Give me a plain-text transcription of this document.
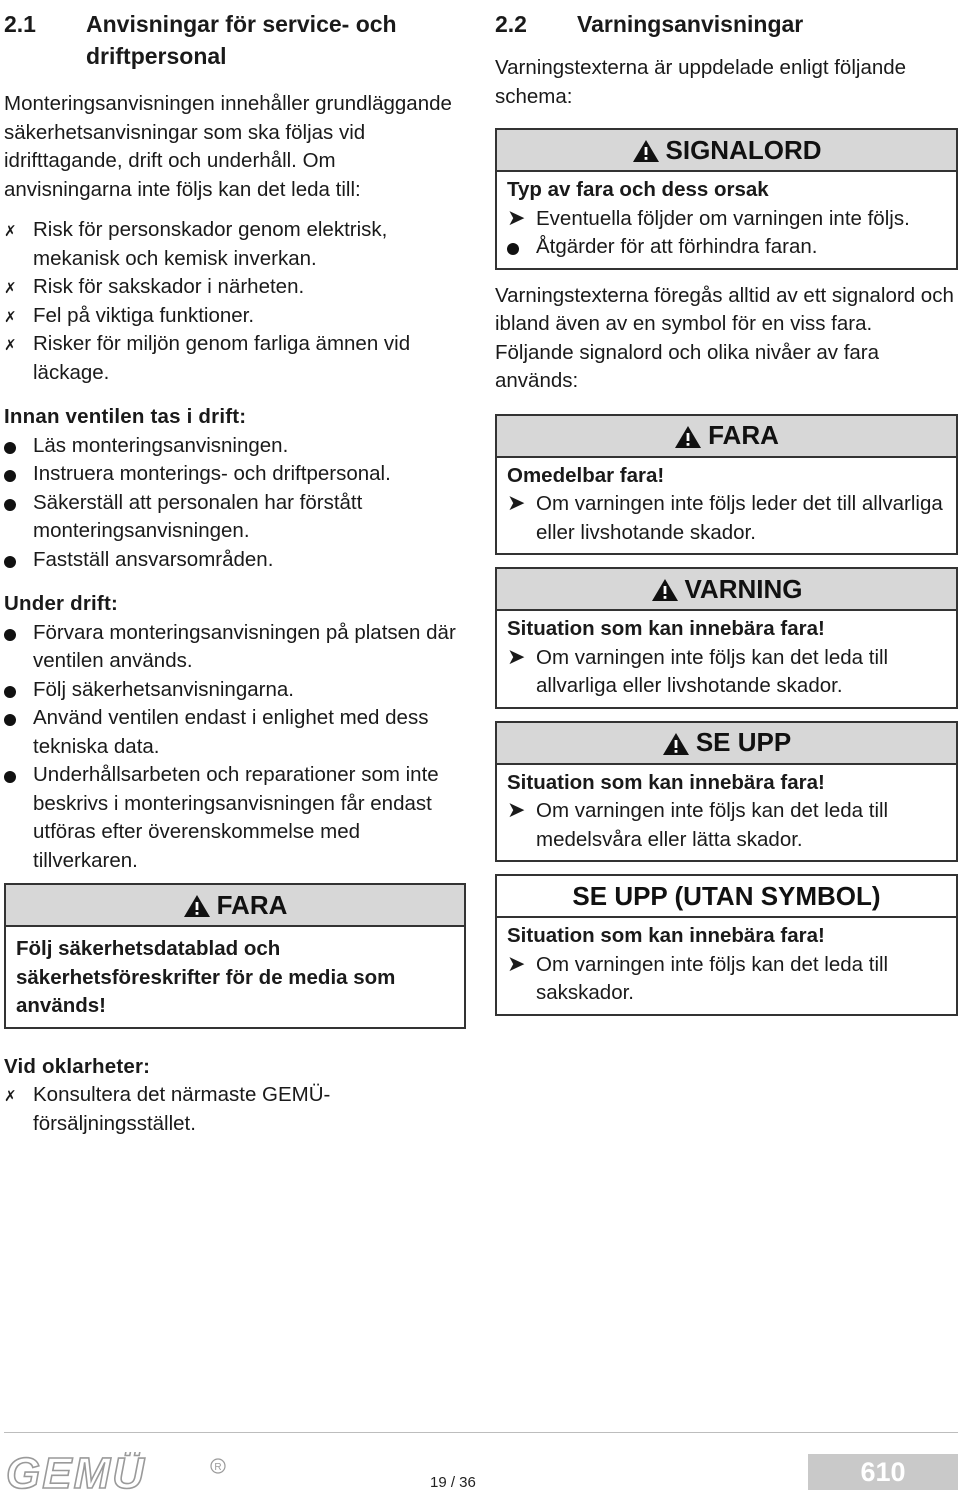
2.1	Anvisningar för service- och driftpersonal

Monteringsanvisningen innehåller grundläggande säkerhetsanvisningar som ska följas vid idrifttagande, drift och underhåll. Om anvisningarna inte följs kan det leda till:

✗
Risk för personskador genom elektrisk, mekanisk och kemisk inverkan.
✗
Risk för sakskador i närheten.
✗
Fel på viktiga funktioner.
✗
Risker för miljön genom farliga ämnen vid läckage.
Innan ventilen tas i drift:
Läs monteringsanvisningen.
Instruera monterings- och driftpersonal.
Säkerställ att personalen har förstått monteringsanvisningen.
Fastställ ansvarsområden.
Under drift:
Förvara monteringsanvisningen på platsen där ventilen används.
Följ säkerhetsanvisningarna.
Använd ventilen endast i enlighet med dess tekniska data.
Underhållsarbeten och reparationer som inte beskrivs i monteringsanvisningen får endast utföras efter överenskommelse med tillverkaren.
FARA
Följ säkerhetsdatablad och säkerhetsföreskrifter för de media som används!
Vid oklarheter:
✗
Konsultera det närmaste GEMÜ-försäljningsstället.
2.2	Varningsanvisningar

Varningstexterna är uppdelade enligt följande schema:

SIGNALORD
Typ av fara och dess orsak
➤
Eventuella följder om varningen inte följs.
Åtgärder för att förhindra faran.

Varningstexterna föregås alltid av ett signalord och ibland även av en symbol för en viss fara.

Följande signalord och olika nivåer av fara används:

FARA
Omedelbar fara!
➤
Om varningen inte följs leder det till allvarliga eller livshotande skador.
VARNING
Situation som kan innebära fara!
➤
Om varningen inte följs kan det leda till allvarliga eller livshotande skador.
SE UPP
Situation som kan innebära fara!
➤
Om varningen inte följs kan det leda till medelsvåra eller lätta skador.
SE UPP (UTAN SYMBOL)
Situation som kan innebära fara!
➤
Om varningen inte följs kan det leda till sakskador.
GEMÜ	R
19 / 36	610
